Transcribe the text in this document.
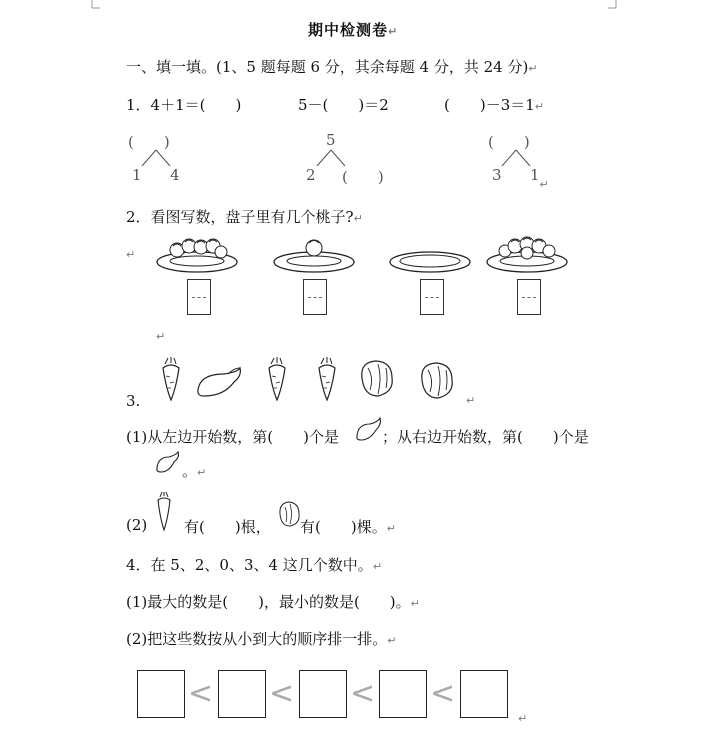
期中检测卷↵
一、填一填。(1、5 题每题 6 分，其余每题 4 分，共 24 分)↵
1．4＋1＝(　　)	5－(　　)＝2	(　　)－3＝1↵
(　　)
1 4
5
2 (　　)
(　　)
3 $1_↵$
2．看图写数，盘子里有几个桃子?↵
↵
↵
↵
3.
(1)从左边开始数，第(　　)个是	；从右边开始数，第(　　)个是
。↵
(2) 有(　　)根， 有(　　)棵。↵
4．在 5、2、0、3、4 这几个数中。↵
(1)最大的数是(　　)，最小的数是(　　)。↵
(2)把这些数按从小到大的顺序排一排。↵
< < < <
↵
